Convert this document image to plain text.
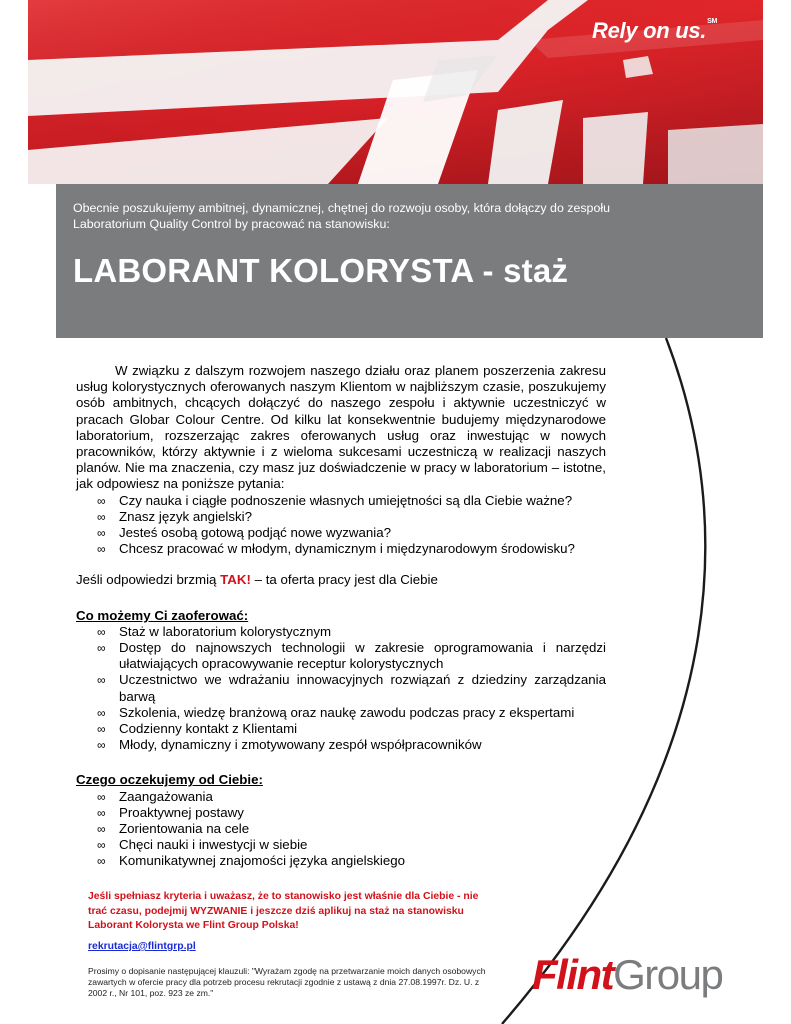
Rely on us.℠
Obecnie poszukujemy ambitnej, dynamicznej, chętnej do rozwoju osoby, która dołączy do zespołu Laboratorium Quality Control by pracować na stanowisku:
LABORANT KOLORYSTA - staż

W związku z dalszym rozwojem naszego działu oraz planem poszerzenia zakresu usług kolorystycznych oferowanych naszym Klientom w najbliższym czasie, poszukujemy osób ambitnych, chcących dołączyć do naszego zespołu i aktywnie uczestniczyć w pracach Globar Colour Centre. Od kilku lat konsekwentnie budujemy międzynarodowe laboratorium, rozszerzając zakres oferowanych usług oraz inwestując w nowych pracowników, którzy aktywnie i z wieloma sukcesami uczestniczą w realizacji naszych planów. Nie ma znaczenia, czy masz juz doświadczenie w pracy w laboratorium – istotne, jak odpowiesz na poniższe pytania:

∞ Czy nauka i ciągłe podnoszenie własnych umiejętności są dla Ciebie ważne?
∞ Znasz język angielski?
∞ Jesteś osobą gotową podjąć nowe wyzwania?
∞ Chcesz pracować w młodym, dynamicznym i międzynarodowym środowisku?
Jeśli odpowiedzi brzmią TAK! – ta oferta pracy jest dla Ciebie
Co możemy Ci zaoferować:
∞ Staż w laboratorium kolorystycznym
∞ Dostęp do najnowszych technologii w zakresie oprogramowania i narzędzi ułatwiających opracowywanie receptur kolorystycznych
∞ Uczestnictwo we wdrażaniu innowacyjnych rozwiązań z dziedziny zarządzania barwą
∞ Szkolenia, wiedzę branżową oraz naukę zawodu podczas pracy z ekspertami
∞ Codzienny kontakt z Klientami
∞ Młody, dynamiczny i zmotywowany zespół współpracowników
Czego oczekujemy od Ciebie:
∞ Zaangażowania
∞ Proaktywnej postawy
∞ Zorientowania na cele
∞ Chęci nauki i inwestycji w siebie
∞ Komunikatywnej znajomości języka angielskiego
Jeśli spełniasz kryteria i uważasz, że to stanowisko jest właśnie dla Ciebie - nie trać czasu, podejmij WYZWANIE i jeszcze dziś aplikuj na staż na stanowisku Laborant Kolorysta we Flint Group Polska!
rekrutacja@flintgrp.pl
Prosimy o dopisanie następującej klauzuli: "Wyrażam zgodę na przetwarzanie moich danych osobowych zawartych w ofercie pracy dla potrzeb procesu rekrutacji zgodnie z ustawą z dnia 27.08.1997r. Dz. U. z 2002 r., Nr 101, poz. 923 ze zm."	FlintGroup
